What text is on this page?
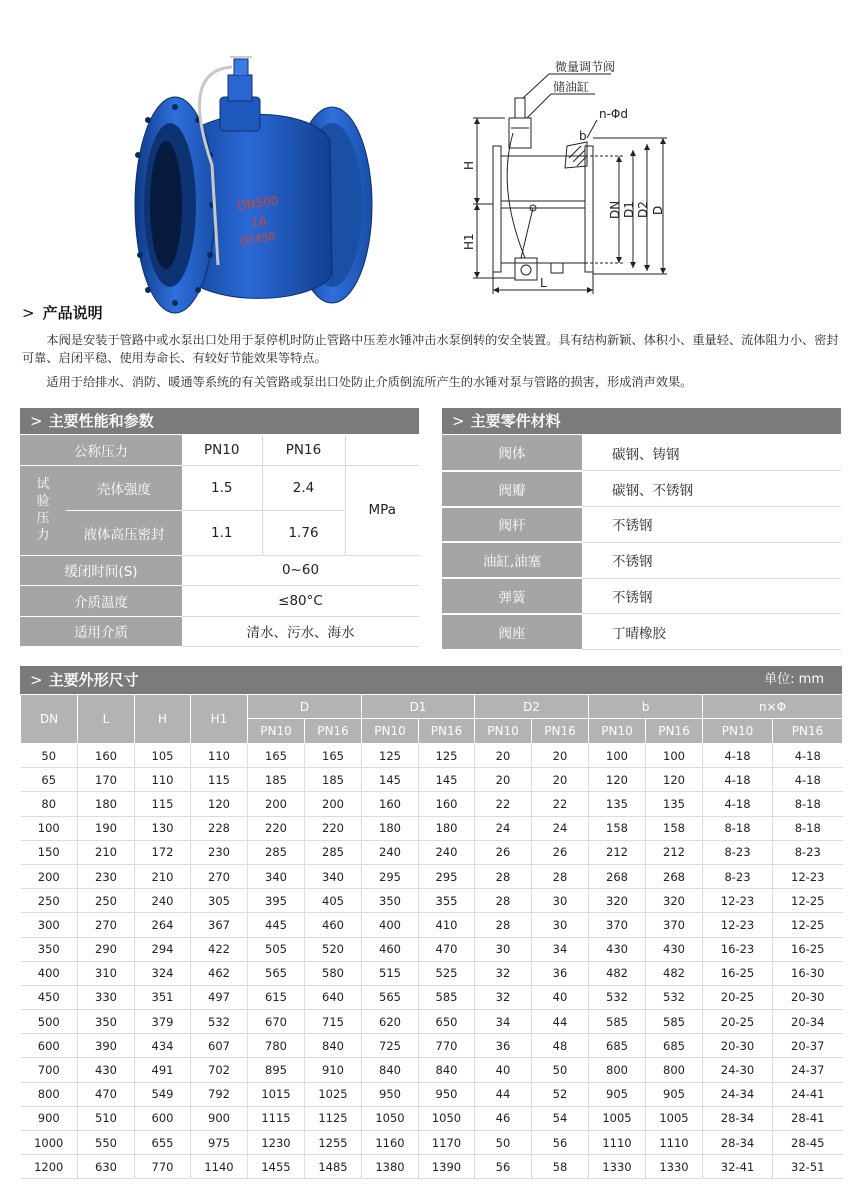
DN500
16
QT450
微量调节阀
储油缸
n-Φd
H
H1
DN D1 D2 D
L
b
> 产品说明
本阀是安装于管路中或水泵出口处用于泵停机时防止管路中压差水锤冲击水泵倒转的安全装置。具有结构新颖、体积小、重量轻、流体阻力小、密封可靠、启闭平稳、使用寿命长、有较好节能效果等特点。
适用于给排水、消防、暖通等系统的有关管路或泵出口处防止介质倒流所产生的水锤对泵与管路的损害，形成消声效果。
> 主要性能和参数
公称压力		PN10	PN16	
试
验
压
力	壳体强度	1.5	2.4	MPa
	液体高压密封	1.1	1.76	
缓闭时间(S)		0~60		
介质温度		≤80°C		
适用介质		清水、污水、海水		
> 主要零件材料
阀体	碳钢、铸钢
阀瓣	碳钢、不锈钢
阀杆	不锈钢
油缸,油塞	不锈钢
弹簧	不锈钢
阀座	丁晴橡胶
> 主要外形尺寸	单位: mm
DN	L	H	H1	D		D1		D2		b		n×Φ	
				PN10	PN16	PN10	PN16	PN10	PN16	PN10	PN16	PN10	PN16
50	160	105	110	165	165	125	125	20	20	100	100	4-18	4-18
65	170	110	115	185	185	145	145	20	20	120	120	4-18	4-18
80	180	115	120	200	200	160	160	22	22	135	135	4-18	8-18
100	190	130	228	220	220	180	180	24	24	158	158	8-18	8-18
150	210	172	230	285	285	240	240	26	26	212	212	8-23	8-23
200	230	210	270	340	340	295	295	28	28	268	268	8-23	12-23
250	250	240	305	395	405	350	355	28	30	320	320	12-23	12-25
300	270	264	367	445	460	400	410	28	30	370	370	12-23	12-25
350	290	294	422	505	520	460	470	30	34	430	430	16-23	16-25
400	310	324	462	565	580	515	525	32	36	482	482	16-25	16-30
450	330	351	497	615	640	565	585	32	40	532	532	20-25	20-30
500	350	379	532	670	715	620	650	34	44	585	585	20-25	20-34
600	390	434	607	780	840	725	770	36	48	685	685	20-30	20-37
700	430	491	702	895	910	840	840	40	50	800	800	24-30	24-37
800	470	549	792	1015	1025	950	950	44	52	905	905	24-34	24-41
900	510	600	900	1115	1125	1050	1050	46	54	1005	1005	28-34	28-41
1000	550	655	975	1230	1255	1160	1170	50	56	1110	1110	28-34	28-45
1200	630	770	1140	1455	1485	1380	1390	56	58	1330	1330	32-41	32-51
